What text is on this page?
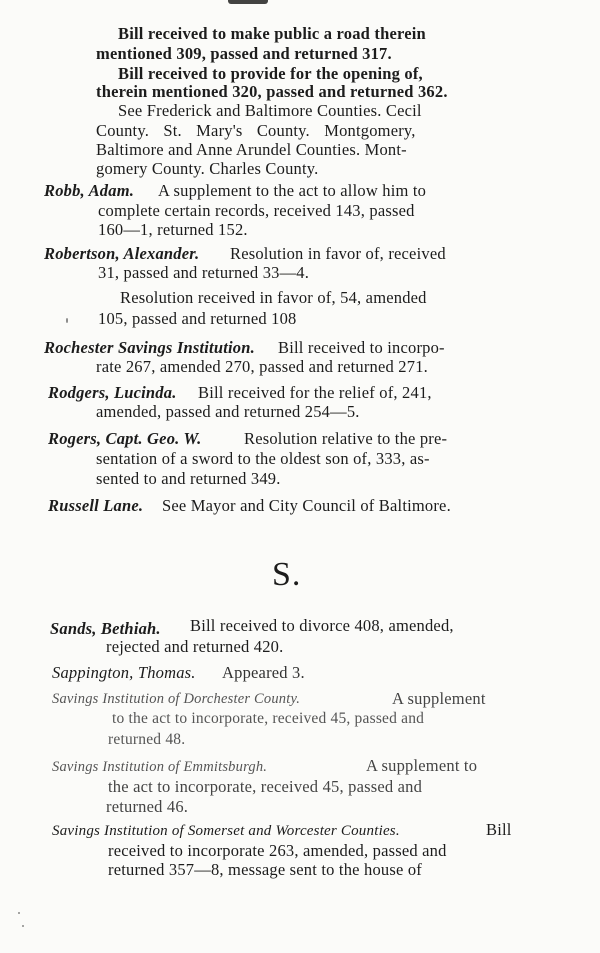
Bill received to make public a road therein
mentioned 309, passed and returned 317.
Bill received to provide for the opening of,
therein mentioned 320, passed and returned 362.
See Frederick and Baltimore Counties. Cecil
County. St. Mary's County. Montgomery,
Baltimore and Anne Arundel Counties. Mont-
gomery County. Charles County.
Robb, Adam. A supplement to the act to allow him to
complete certain records, received 143, passed
160—1, returned 152.
Robertson, Alexander. Resolution in favor of, received
31, passed and returned 33—4.
Resolution received in favor of, 54, amended
105, passed and returned 108
Rochester Savings Institution. Bill received to incorpo-
rate 267, amended 270, passed and returned 271.
Rodgers, Lucinda. Bill received for the relief of, 241,
amended, passed and returned 254—5.
Rogers, Capt. Geo. W.	Resolution relative to the pre-
sentation of a sword to the oldest son of, 333, as-
sented to and returned 349.
Russell Lane. See Mayor and City Council of Baltimore.
S.
Sands, Bethiah. Bill received to divorce 408, amended,
rejected and returned 420.
Sappington, Thomas. Appeared 3.
Savings Institution of Dorchester County.	A supplement
to the act to incorporate, received 45, passed and
returned 48.
Savings Institution of Emmitsburgh.	A supplement to
the act to incorporate, received 45, passed and
returned 46.
Savings Institution of Somerset and Worcester Counties.	Bill
received to incorporate 263, amended, passed and
returned 357—8, message sent to the house of
